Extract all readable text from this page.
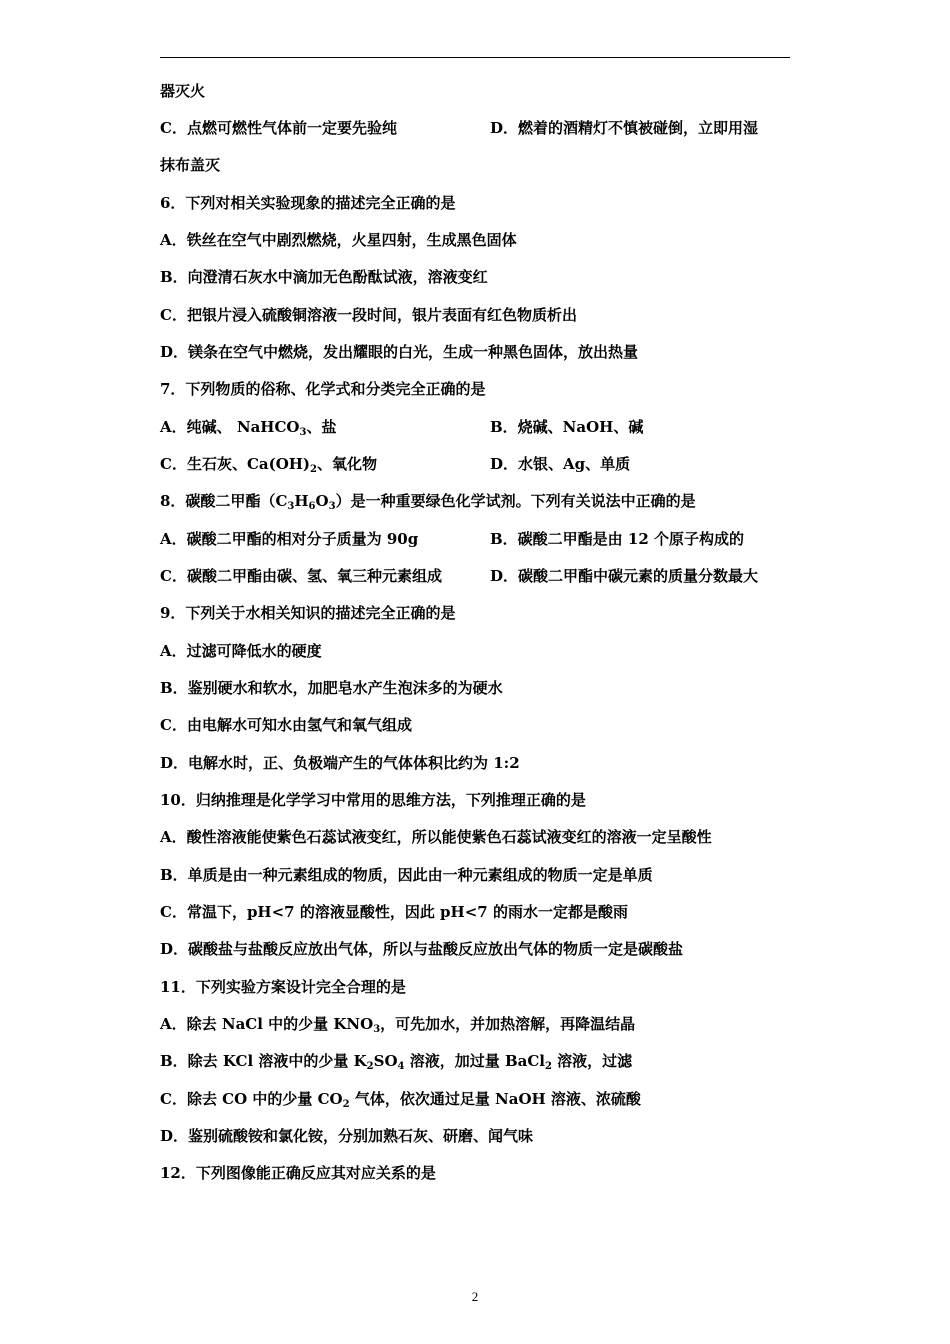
器灭火
C．点燃可燃性气体前一定要先验纯	D．燃着的酒精灯不慎被碰倒，立即用湿
抹布盖灭
6．下列对相关实验现象的描述完全正确的是
A．铁丝在空气中剧烈燃烧，火星四射，生成黑色固体
B．向澄清石灰水中滴加无色酚酞试液，溶液变红
C．把银片浸入硫酸铜溶液一段时间，银片表面有红色物质析出
D．镁条在空气中燃烧，发出耀眼的白光，生成一种黑色固体，放出热量
7．下列物质的俗称、化学式和分类完全正确的是
A．纯碱、 NaHCO$_3$、盐	B．烧碱、NaOH、碱
C．生石灰、$Ca(OH)_2$、氧化物	D．水银、Ag、单质
8．碳酸二甲酯$(C_3H_6O_3)$是一种重要绿色化学试剂。下列有关说法中正确的是
A．碳酸二甲酯的相对分子质量为 90g	B．碳酸二甲酯是由 12 个原子构成的
C．碳酸二甲酯由碳、氢、氧三种元素组成	D．碳酸二甲酯中碳元素的质量分数最大
9．下列关于水相关知识的描述完全正确的是
A．过滤可降低水的硬度
B．鉴别硬水和软水，加肥皂水产生泡沫多的为硬水
C．由电解水可知水由氢气和氧气组成
D．电解水时，正、负极端产生的气体体积比约为 1:2
10．归纳推理是化学学习中常用的思维方法，下列推理正确的是
A．酸性溶液能使紫色石蕊试液变红，所以能使紫色石蕊试液变红的溶液一定呈酸性
B．单质是由一种元素组成的物质，因此由一种元素组成的物质一定是单质
C．常温下，pH<7 的溶液显酸性，因此 pH<7 的雨水一定都是酸雨
D．碳酸盐与盐酸反应放出气体，所以与盐酸反应放出气体的物质一定是碳酸盐
11．下列实验方案设计完全合理的是
A．除去 NaCl 中的少量 $KNO_3$，可先加水，并加热溶解，再降温结晶
B．除去 KCl 溶液中的少量 $K_2SO_4$ 溶液，加过量 BaCl$_2$ 溶液，过滤
C．除去 CO 中的少量 $CO_2$ 气体，依次通过足量 NaOH 溶液、浓硫酸
D．鉴别硫酸铵和氯化铵，分别加熟石灰、研磨、闻气味
12．下列图像能正确反应其对应关系的是
2
